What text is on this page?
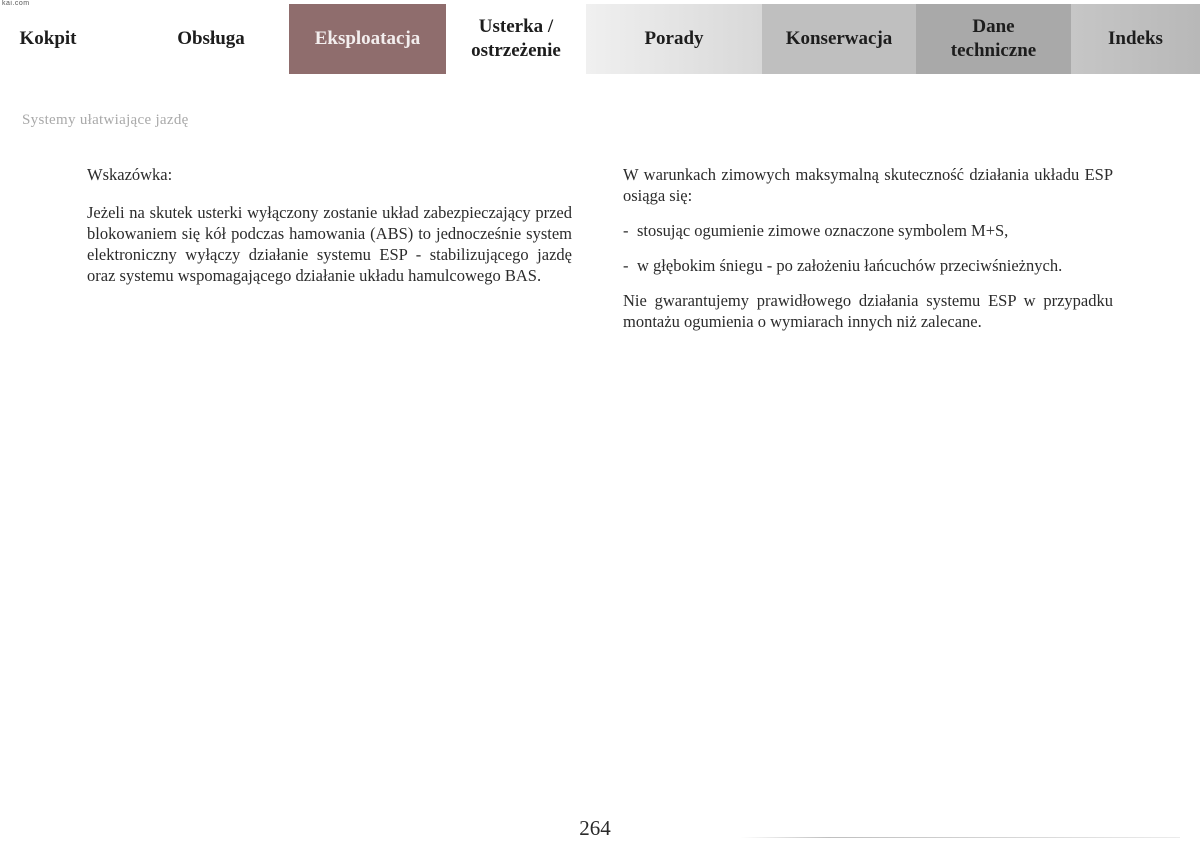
kai.com
Kokpit	Obsługa	Eksploatacja
Usterka /
ostrzeżenie
Porady	Konserwacja
Dane
techniczne
Indeks
Systemy ułatwiające jazdę

Wskazówka:

Jeżeli na skutek usterki wyłączony zostanie układ zabezpieczający przed blokowaniem się kół podczas hamowania (ABS) to jednocześnie system elektroniczny wyłączy działanie systemu ESP - stabilizującego jazdę oraz systemu wspomagającego działanie układu hamulcowego BAS.

W warunkach zimowych maksymalną skuteczność działania układu ESP osiąga się:

- stosując ogumienie zimowe oznaczone symbolem M+S,
- w głębokim śniegu - po założeniu łańcuchów przeciwśnieżnych.

Nie gwarantujemy prawidłowego działania systemu ESP w przypadku montażu ogumienia o wymiarach innych niż zalecane.

264
